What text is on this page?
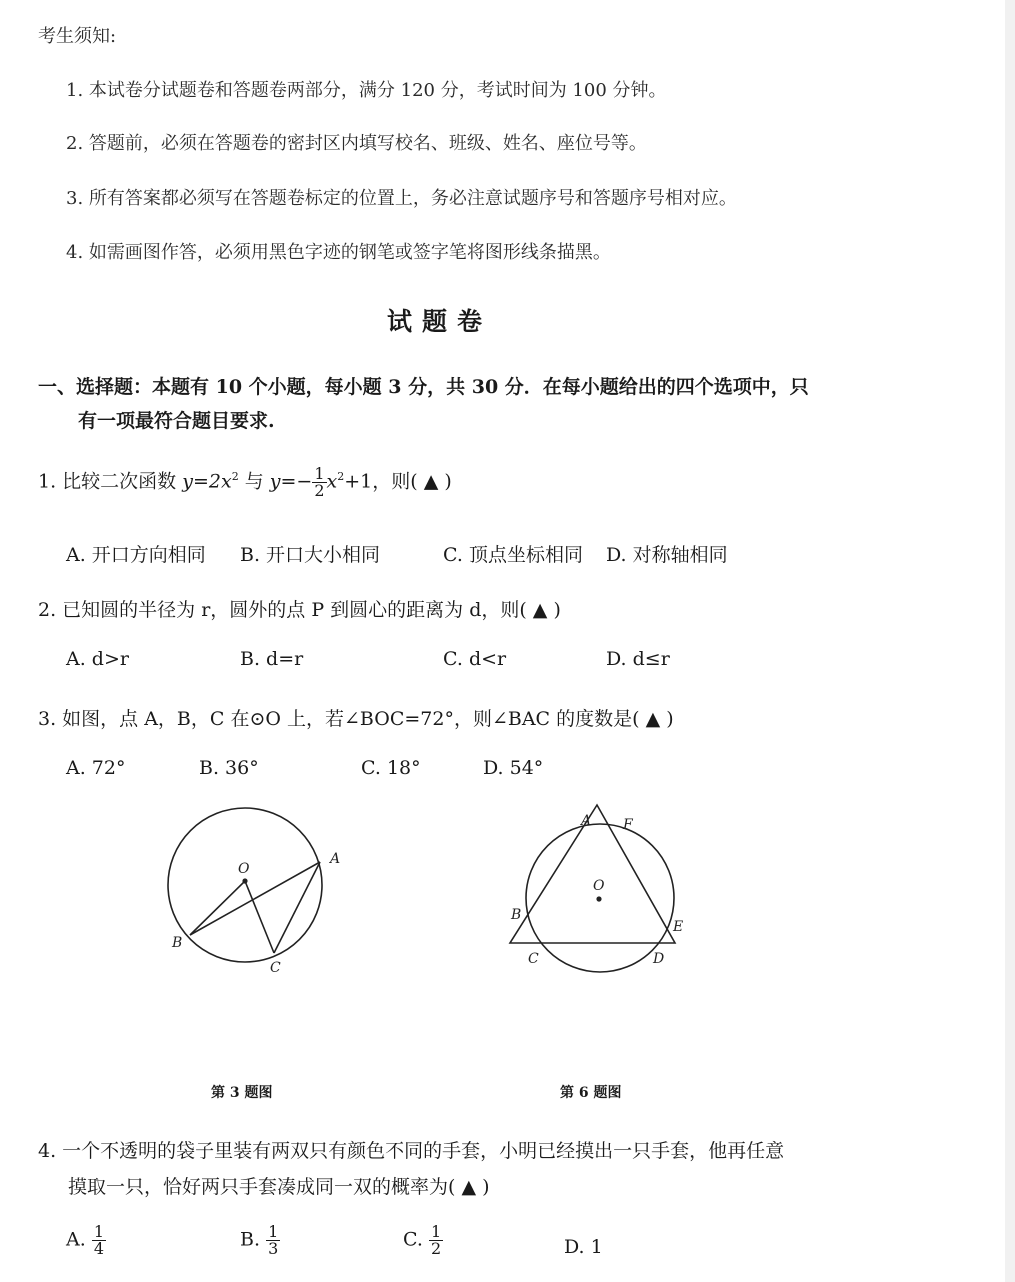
考生须知:
1. 本试卷分试题卷和答题卷两部分，满分 120 分，考试时间为 100 分钟。
2. 答题前，必须在答题卷的密封区内填写校名、班级、姓名、座位号等。
3. 所有答案都必须写在答题卷标定的位置上，务必注意试题序号和答题序号相对应。
4. 如需画图作答，必须用黑色字迹的钢笔或签字笔将图形线条描黑。
试题卷
一、选择题：本题有 10 个小题，每小题 3 分，共 30 分．在每小题给出的四个选项中，只
有一项最符合题目要求.
1. 比较二次函数 $y=2x^2$ 与 $y=- \frac{1}{2} x^2+1$，则( ▲ )
A. 开口方向相同 B. 开口大小相同	C. 顶点坐标相同 D. 对称轴相同
2. 已知圆的半径为 r，圆外的点 P 到圆心的距离为 d，则( ▲ )
A. d>r	B. d=r	C. d<r	D. d≤r
3. 如图，点 A，B，C 在⊙O 上，若∠BOC=72°，则∠BAC 的度数是( ▲ )
A. 72°	B. 36°	C. 18°	D. 54°
O
A
B
C
O
A F
B
E
C	D
第 3 题图	第 6 题图
4. 一个不透明的袋子里装有两双只有颜色不同的手套，小明已经摸出一只手套，他再任意
摸取一只，恰好两只手套凑成同一双的概率为( ▲ )
A. $\frac{1}{4}$	B. $\frac{1}{3}$	C. $\frac{1}{2}$	D. 1
